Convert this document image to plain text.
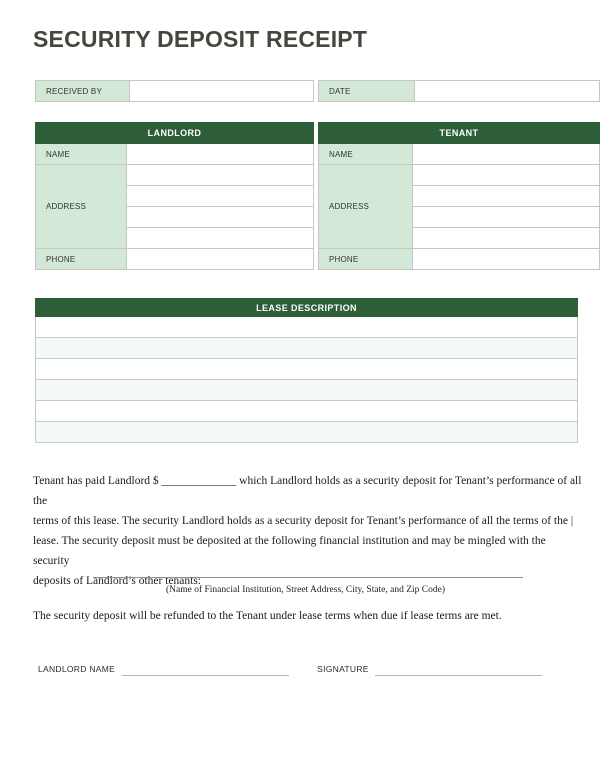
SECURITY DEPOSIT RECEIPT
RECEIVED BY		DATE	
LANDLORD	
NAME	
ADDRESS	

PHONE	
TENANT	
NAME	
ADDRESS	

PHONE	
LEASE DESCRIPTION

Tenant has paid Landlord $ _____________ which Landlord holds as a security deposit for Tenant’s performance of all the
terms of this lease. The security Landlord holds as a security deposit for Tenant’s performance of all the terms of the |
lease. The security deposit must be deposited at the following financial institution and may be mingled with the security
deposits of Landlord’s other tenants:
(Name of Financial Institution, Street Address, City, State, and Zip Code)
The security deposit will be refunded to the Tenant under lease terms when due if lease terms are met.
LANDLORD NAME	SIGNATURE
